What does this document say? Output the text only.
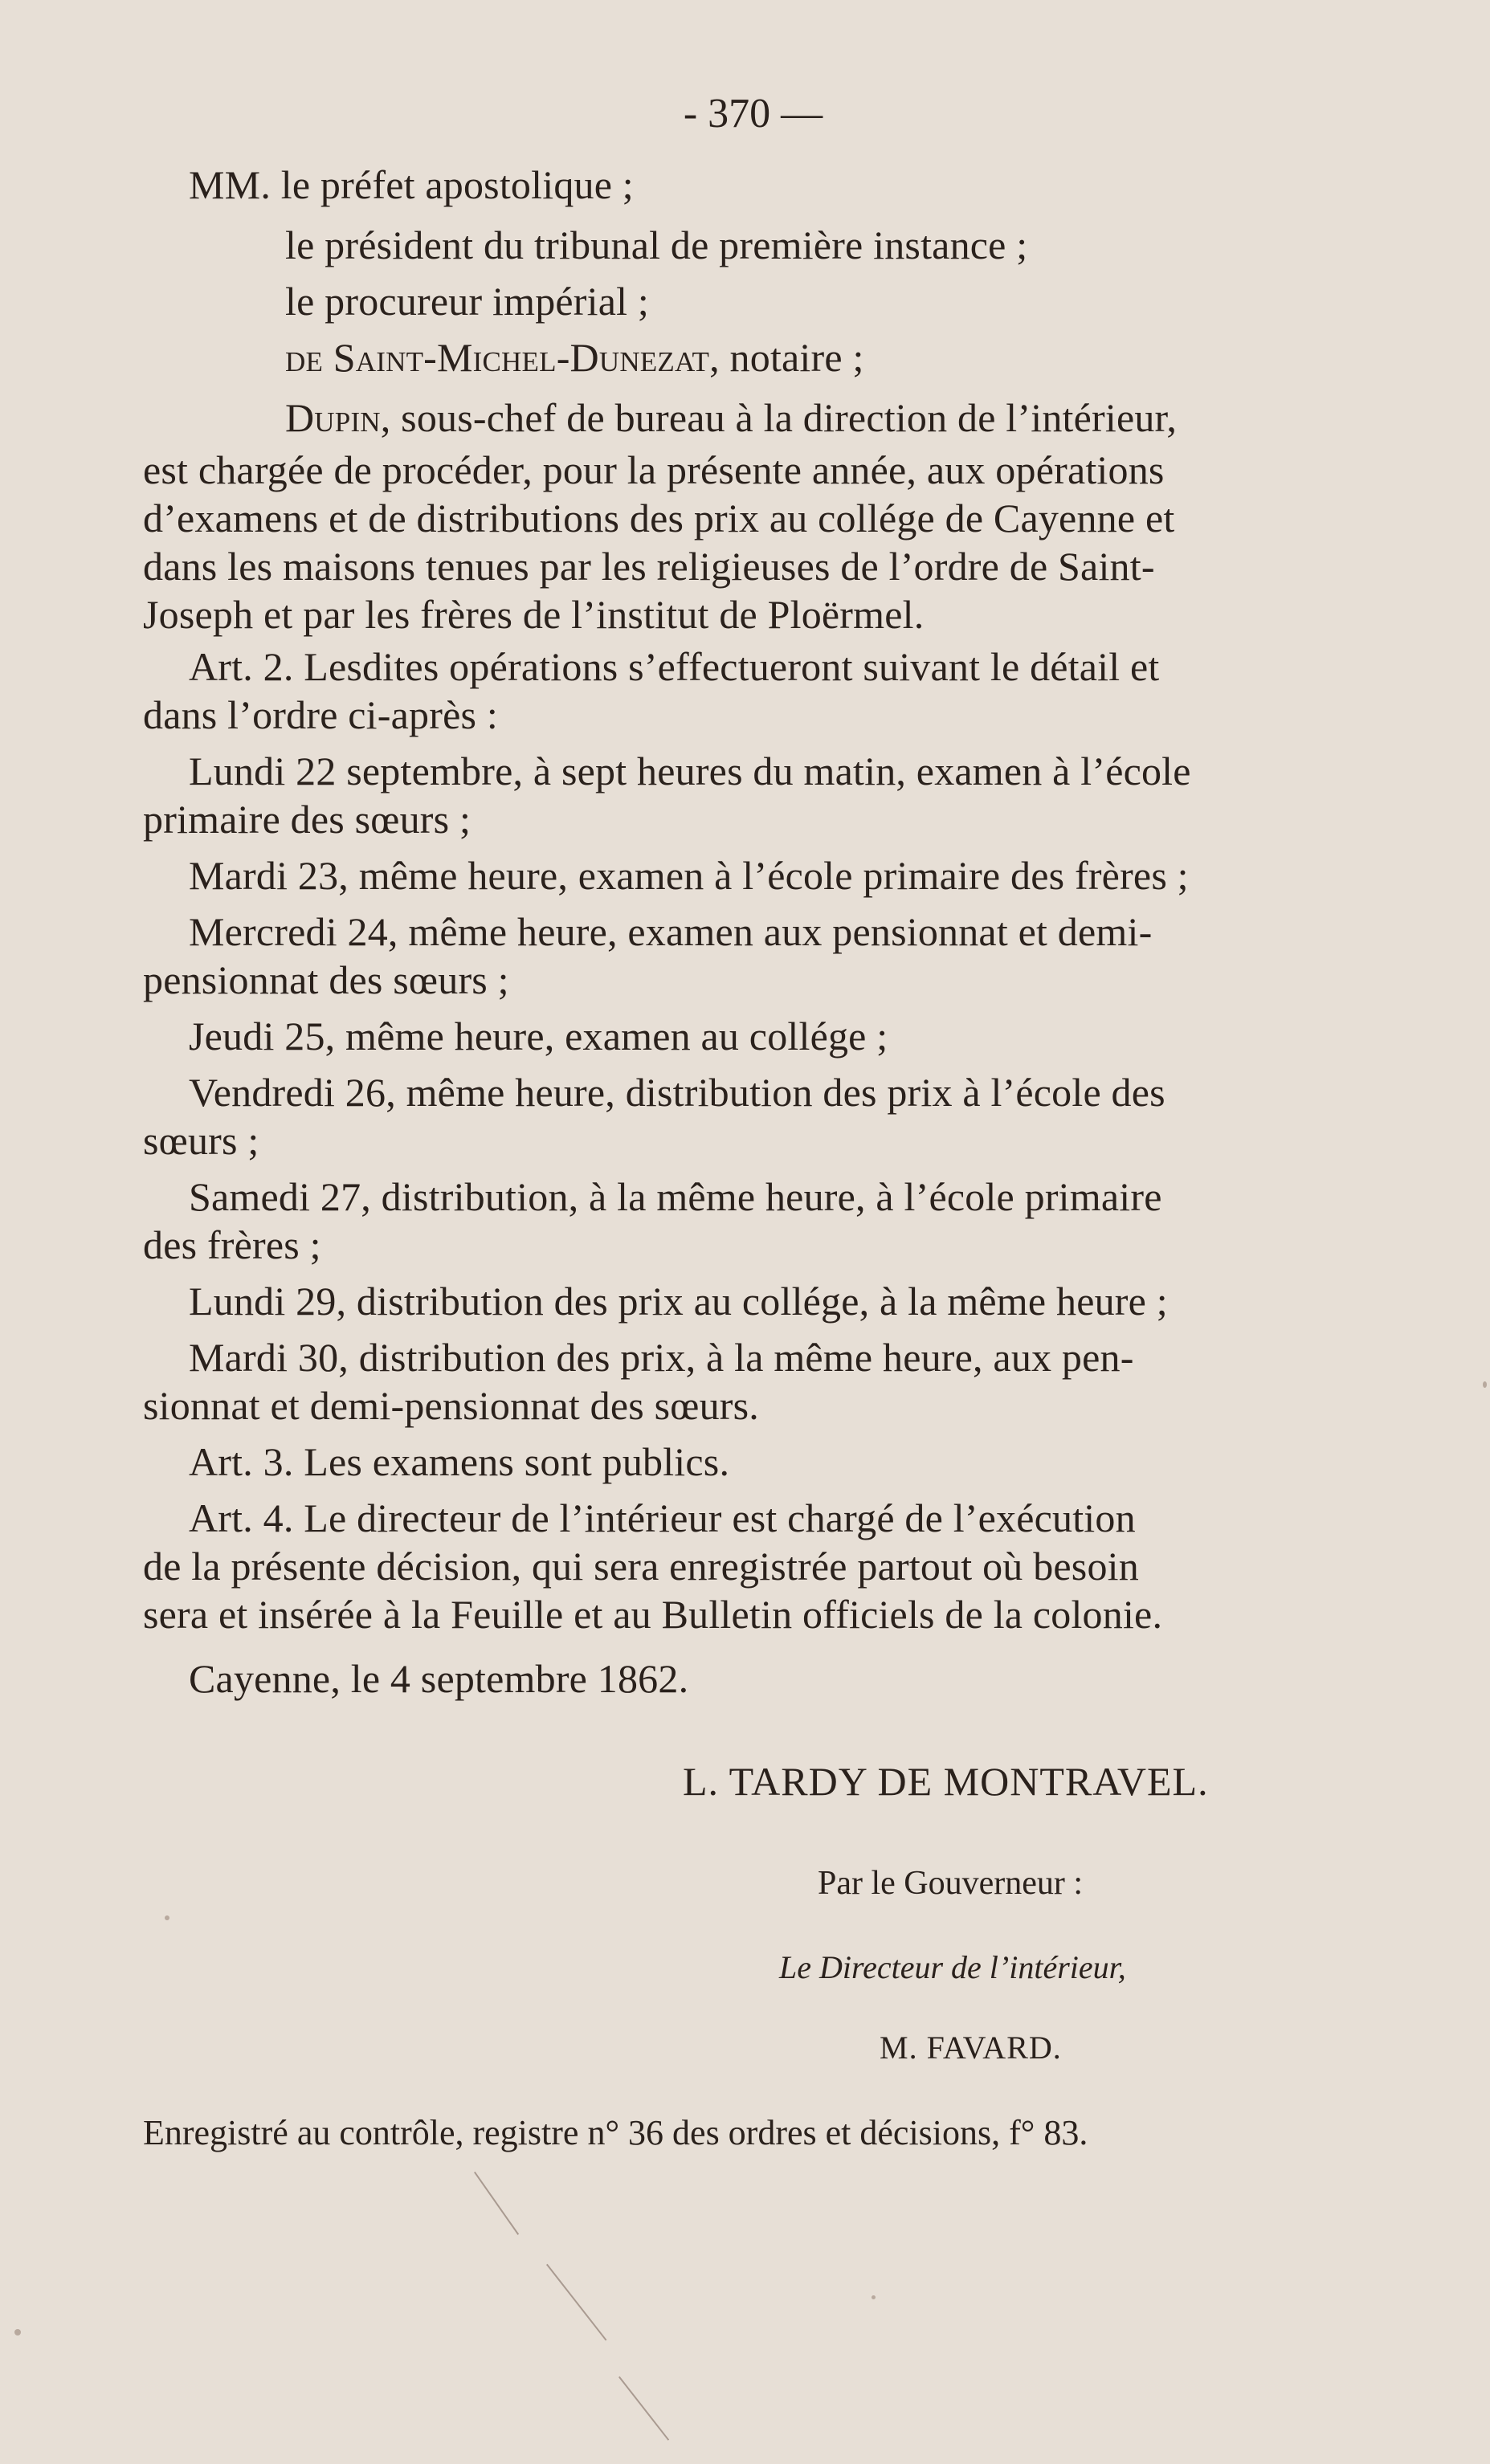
- 370 —
MM. le préfet apostolique ;
le président du tribunal de première instance ;
le procureur impérial ;
de Saint-Michel-Dunezat, notaire ;
Dupin, sous-chef de bureau à la direction de l’intérieur,
est chargée de procéder, pour la présente année, aux opérations
d’examens et de distributions des prix au collége de Cayenne et
dans les maisons tenues par les religieuses de l’ordre de Saint-
Joseph et par les frères de l’institut de Ploërmel.
Art. 2. Lesdites opérations s’effectueront suivant le détail et
dans l’ordre ci-après :
Lundi 22 septembre, à sept heures du matin, examen à l’école
primaire des sœurs ;
Mardi 23, même heure, examen à l’école primaire des frères ;
Mercredi 24, même heure, examen aux pensionnat et demi-
pensionnat des sœurs ;
Jeudi 25, même heure, examen au collége ;
Vendredi 26, même heure, distribution des prix à l’école des
sœurs ;
Samedi 27, distribution, à la même heure, à l’école primaire
des frères ;
Lundi 29, distribution des prix au collége, à la même heure ;
Mardi 30, distribution des prix, à la même heure, aux pen-
sionnat et demi-pensionnat des sœurs.
Art. 3. Les examens sont publics.
Art. 4. Le directeur de l’intérieur est chargé de l’exécution
de la présente décision, qui sera enregistrée partout où besoin
sera et insérée à la Feuille et au Bulletin officiels de la colonie.
Cayenne, le 4 septembre 1862.
L. TARDY DE MONTRAVEL.
Par le Gouverneur :
Le Directeur de l’intérieur,
M. FAVARD.
Enregistré au contrôle, registre n° 36 des ordres et décisions, f° 83.
